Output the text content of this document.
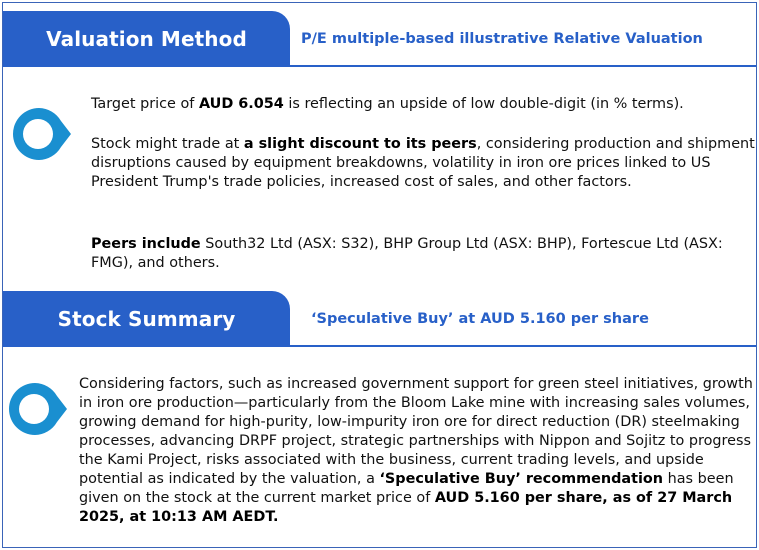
Valuation Method	P/E multiple-based illustrative Relative Valuation
Target price of AUD 6.054 is reflecting an upside of low double-digit (in % terms).
Stock might trade at a slight discount to its peers, considering production and shipment disruptions caused by equipment breakdowns, volatility in iron ore prices linked to US President Trump's trade policies, increased cost of sales, and other factors.
Peers include South32 Ltd (ASX: S32), BHP Group Ltd (ASX: BHP), Fortescue Ltd (ASX: FMG), and others.
Stock Summary	‘Speculative Buy’ at AUD 5.160 per share
Considering factors, such as increased government support for green steel initiatives, growth in iron ore production—particularly from the Bloom Lake mine with increasing sales volumes, growing demand for high-purity, low-impurity iron ore for direct reduction (DR) steelmaking processes, advancing DRPF project, strategic partnerships with Nippon and Sojitz to progress the Kami Project, risks associated with the business, current trading levels, and upside potential as indicated by the valuation, a ‘Speculative Buy’ recommendation has been given on the stock at the current market price of AUD 5.160 per share, as of 27 March 2025, at 10:13 AM AEDT.
